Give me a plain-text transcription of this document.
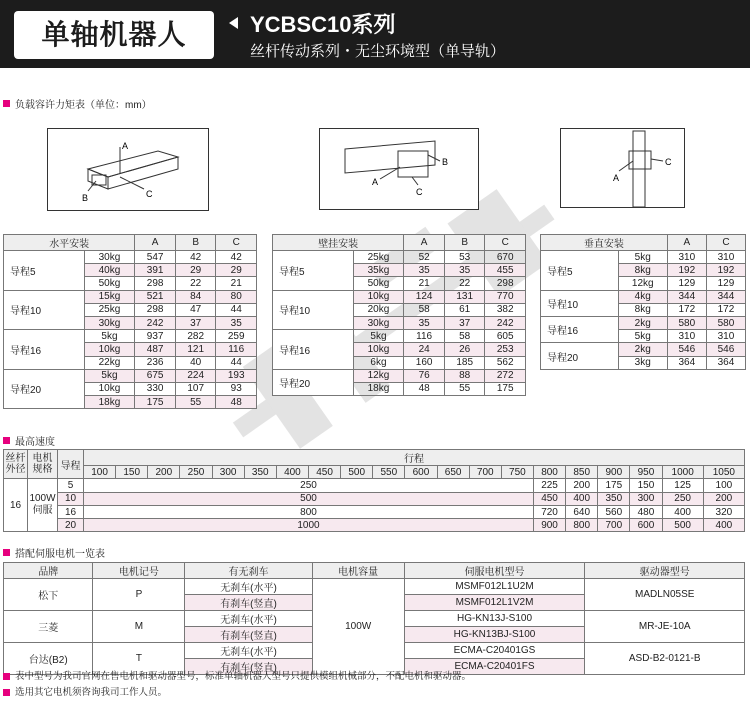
单轴机器人	YCBSC10系列
丝杆传动系列・无尘环境型（单导轨）
负载容许力矩表（单位：mm）
A
B	C
A
B
C
A
C
水平安装		A	B	C
导程5	30kg	547	42	42
	40kg	391	29	29
	50kg	298	22	21
导程10	15kg	521	84	80
	25kg	298	47	44
	30kg	242	37	35
导程16	5kg	937	282	259
	10kg	487	121	116
	22kg	236	40	44
导程20	5kg	675	224	193
	10kg	330	107	93
	18kg	175	55	48
壁挂安装		A	B	C
导程5	25kg	52	53	670
	35kg	35	35	455
	50kg	21	22	298
导程10	10kg	124	131	770
	20kg	58	61	382
	30kg	35	37	242
导程16	5kg	116	58	605
	10kg	24	26	253
	6kg	160	185	562
导程20	12kg	76	88	272
	18kg	48	55	175
垂直安装		A	C
导程5	5kg	310	310
	8kg	192	192
	12kg	129	129
导程10	4kg	344	344
	8kg	172	172
导程16	2kg	580	580
	5kg	310	310
导程20	2kg	546	546
	3kg	364	364
最高速度
丝杆外径	电机规格	导程	行程																			
			100	150	200	250	300	350	400	450	500	550	600	650	700	750	800	850	900	950	1000	1050
16	100W伺服	5	250														225	200	175	150	125	100
		10	500														450	400	350	300	250	200
		16	800														720	640	560	480	400	320
		20	1000														900	800	700	600	500	400
搭配伺服电机一览表
品牌	电机记号	有无刹车	电机容量	伺服电机型号	驱动器型号
松下	P	无刹车(水平)	100W	MSMF012L1U2M	MADLN05SE
		有刹车(竖直)		MSMF012L1V2M	
三菱	M	无刹车(水平)		HG-KN13J-S100	MR-JE-10A
		有刹车(竖直)		HG-KN13BJ-S100	
台达(B2)	T	无刹车(水平)		ECMA-C20401GS	ASD-B2-0121-B
		有刹车(竖直)		ECMA-C20401FS	
表中型号为我司官网在售电机和驱动器型号，标准单轴机器人型号只提供模组机械部分，不配电机和驱动器。
选用其它电机须咨询我司工作人员。
